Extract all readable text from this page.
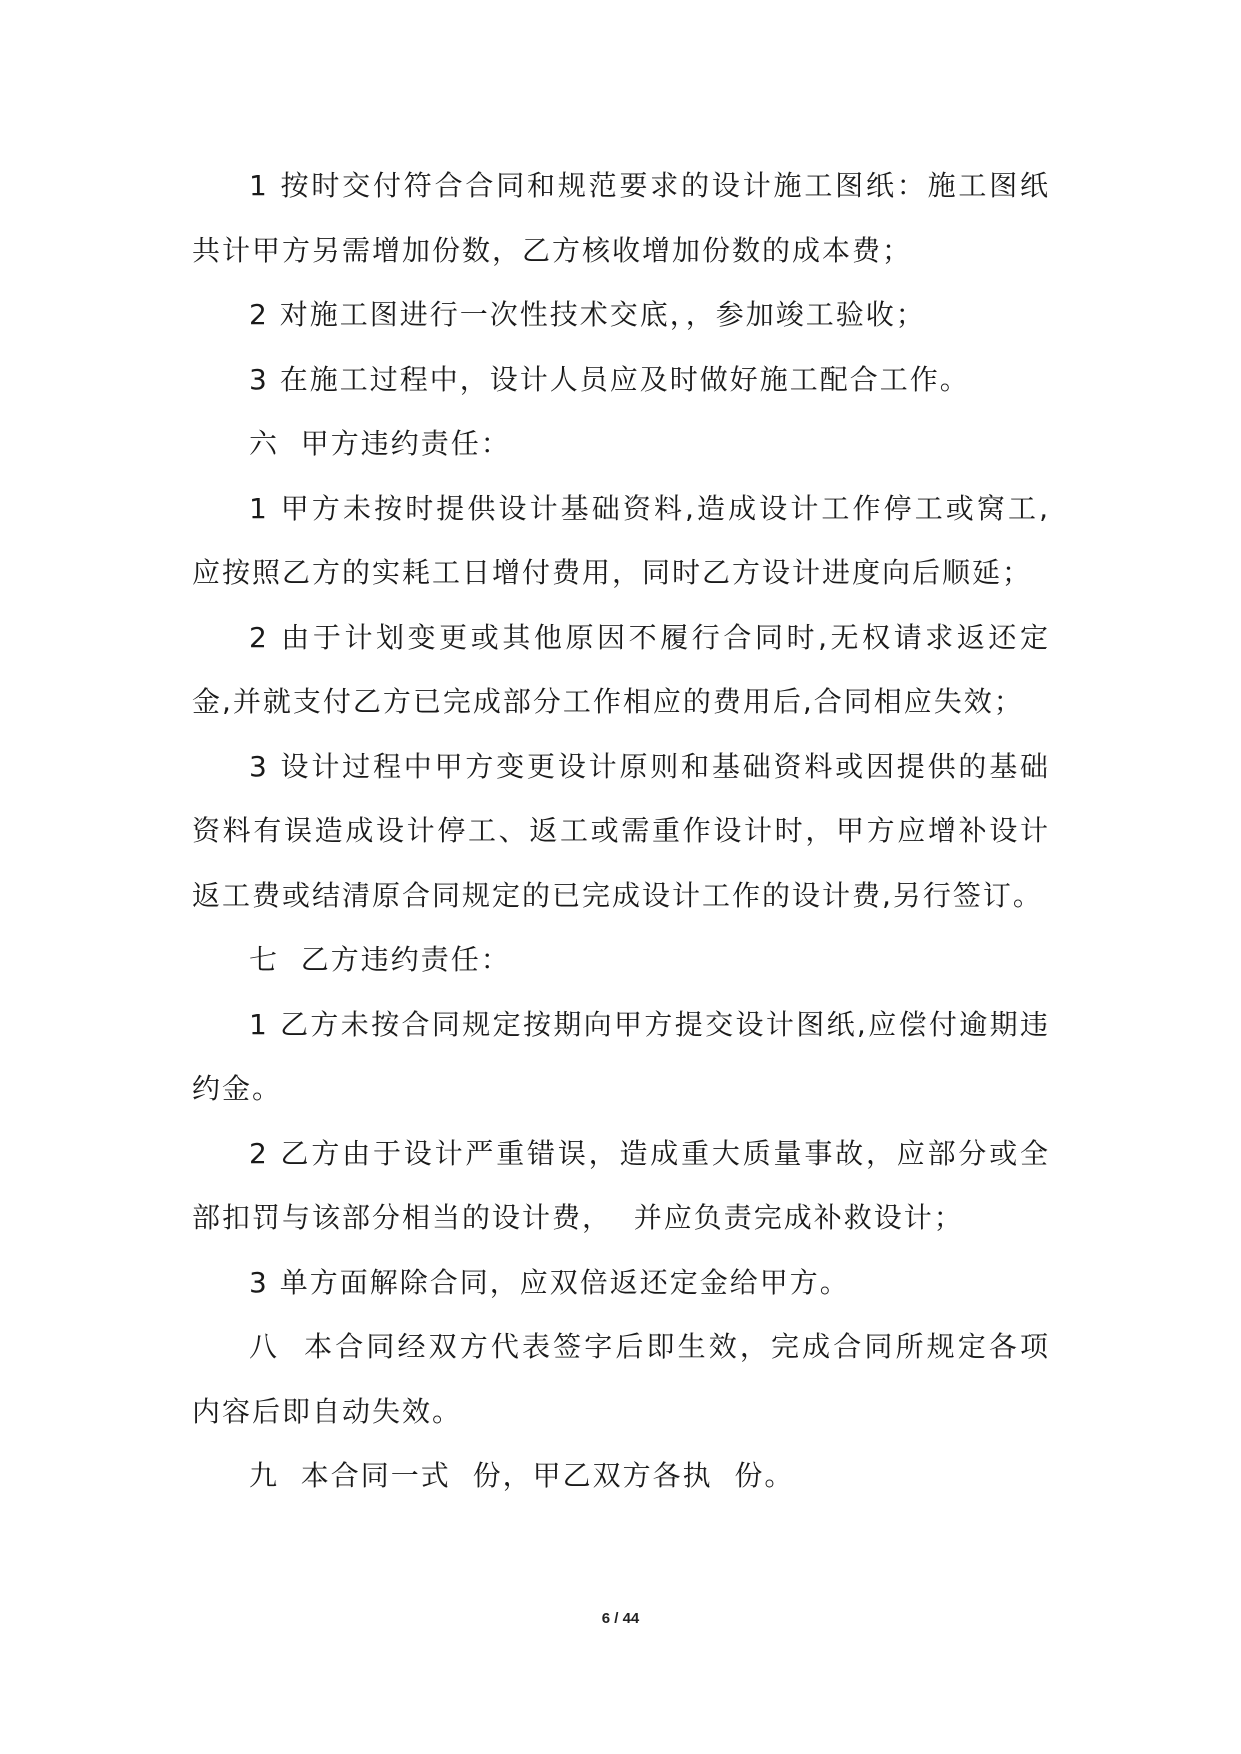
1 按时交付符合合同和规范要求的设计施工图纸：施工图纸共计甲方另需增加份数，乙方核收增加份数的成本费；

2 对施工图进行一次性技术交底，，参加竣工验收；

3 在施工过程中，设计人员应及时做好施工配合工作。

六  甲方违约责任：

1 甲方未按时提供设计基础资料,造成设计工作停工或窝工,应按照乙方的实耗工日增付费用，同时乙方设计进度向后顺延；

2 由于计划变更或其他原因不履行合同时,无权请求返还定金,并就支付乙方已完成部分工作相应的费用后,合同相应失效；

3 设计过程中甲方变更设计原则和基础资料或因提供的基础资料有误造成设计停工、返工或需重作设计时，甲方应增补设计返工费或结清原合同规定的已完成设计工作的设计费,另行签订。

七  乙方违约责任：

1 乙方未按合同规定按期向甲方提交设计图纸,应偿付逾期违约金。

2 乙方由于设计严重错误，造成重大质量事故，应部分或全部扣罚与该部分相当的设计费，  并应负责完成补救设计；

3 单方面解除合同，应双倍返还定金给甲方。

八  本合同经双方代表签字后即生效，完成合同所规定各项内容后即自动失效。

九  本合同一式  份，甲乙双方各执  份。

6 / 44
